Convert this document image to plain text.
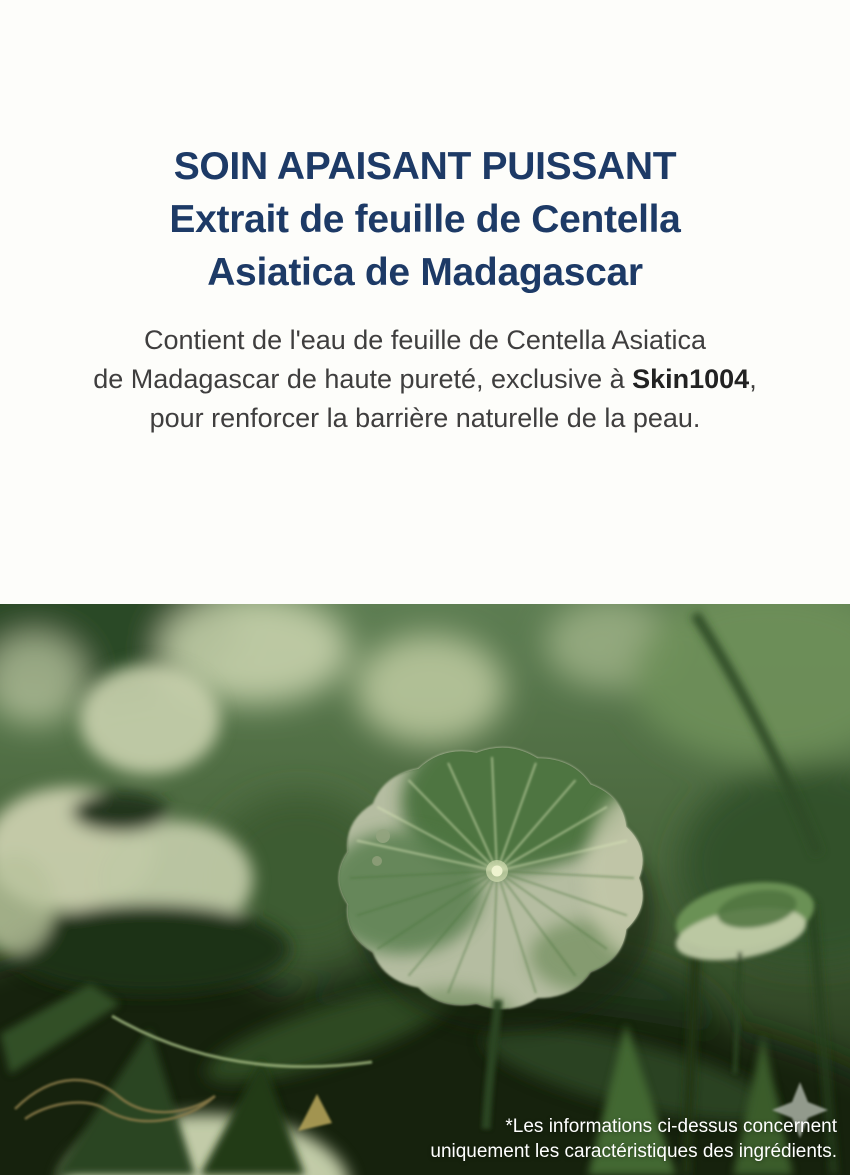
SOIN APAISANT PUISSANT
Extrait de feuille de Centella
Asiatica de Madagascar

Contient de l'eau de feuille de Centella Asiatica
de Madagascar de haute pureté, exclusive à Skin1004,
pour renforcer la barrière naturelle de la peau.

*Les informations ci-dessus concernent
uniquement les caractéristiques des ingrédients.
